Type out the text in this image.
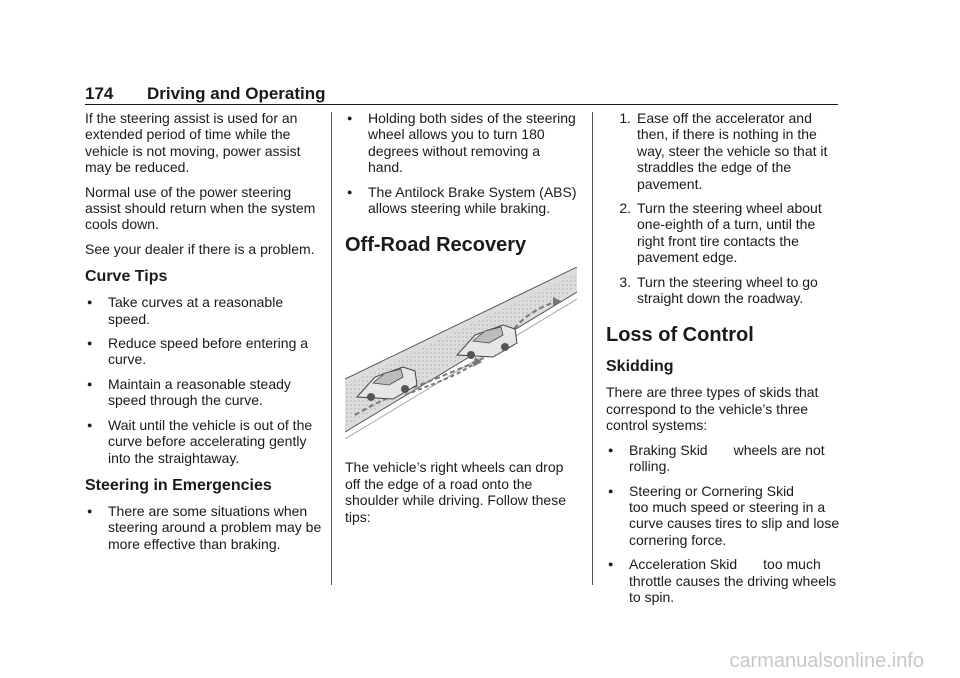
174 Driving and Operating

If the steering assist is used for an extended period of time while the vehicle is not moving, power assist may be reduced.

Normal use of the power steering assist should return when the system cools down.

See your dealer if there is a problem.

Curve Tips
● Take curves at a reasonable speed.
● Reduce speed before entering a curve.
● Maintain a reasonable steady speed through the curve.
● Wait until the vehicle is out of the curve before accelerating gently into the straightaway.
Steering in Emergencies
● There are some situations when steering around a problem may be more effective than braking.
● Holding both sides of the steering wheel allows you to turn 180 degrees without removing a hand.
● The Antilock Brake System (ABS) allows steering while braking.
Off-Road Recovery

The vehicle’s right wheels can drop off the edge of a road onto the shoulder while driving. Follow these tips:

1. Ease off the accelerator and then, if there is nothing in the way, steer the vehicle so that it straddles the edge of the pavement.
2. Turn the steering wheel about one-eighth of a turn, until the right front tire contacts the pavement edge.
3. Turn the steering wheel to go straight down the roadway.
Loss of Control
Skidding

There are three types of skids that correspond to the vehicle’s three control systems:

● Braking Skid wheels are not rolling.
● Steering or Cornering Skid
too much speed or steering in a curve causes tires to slip and lose cornering force.
● Acceleration Skid too much throttle causes the driving wheels to spin.
carmanualsonline.info
